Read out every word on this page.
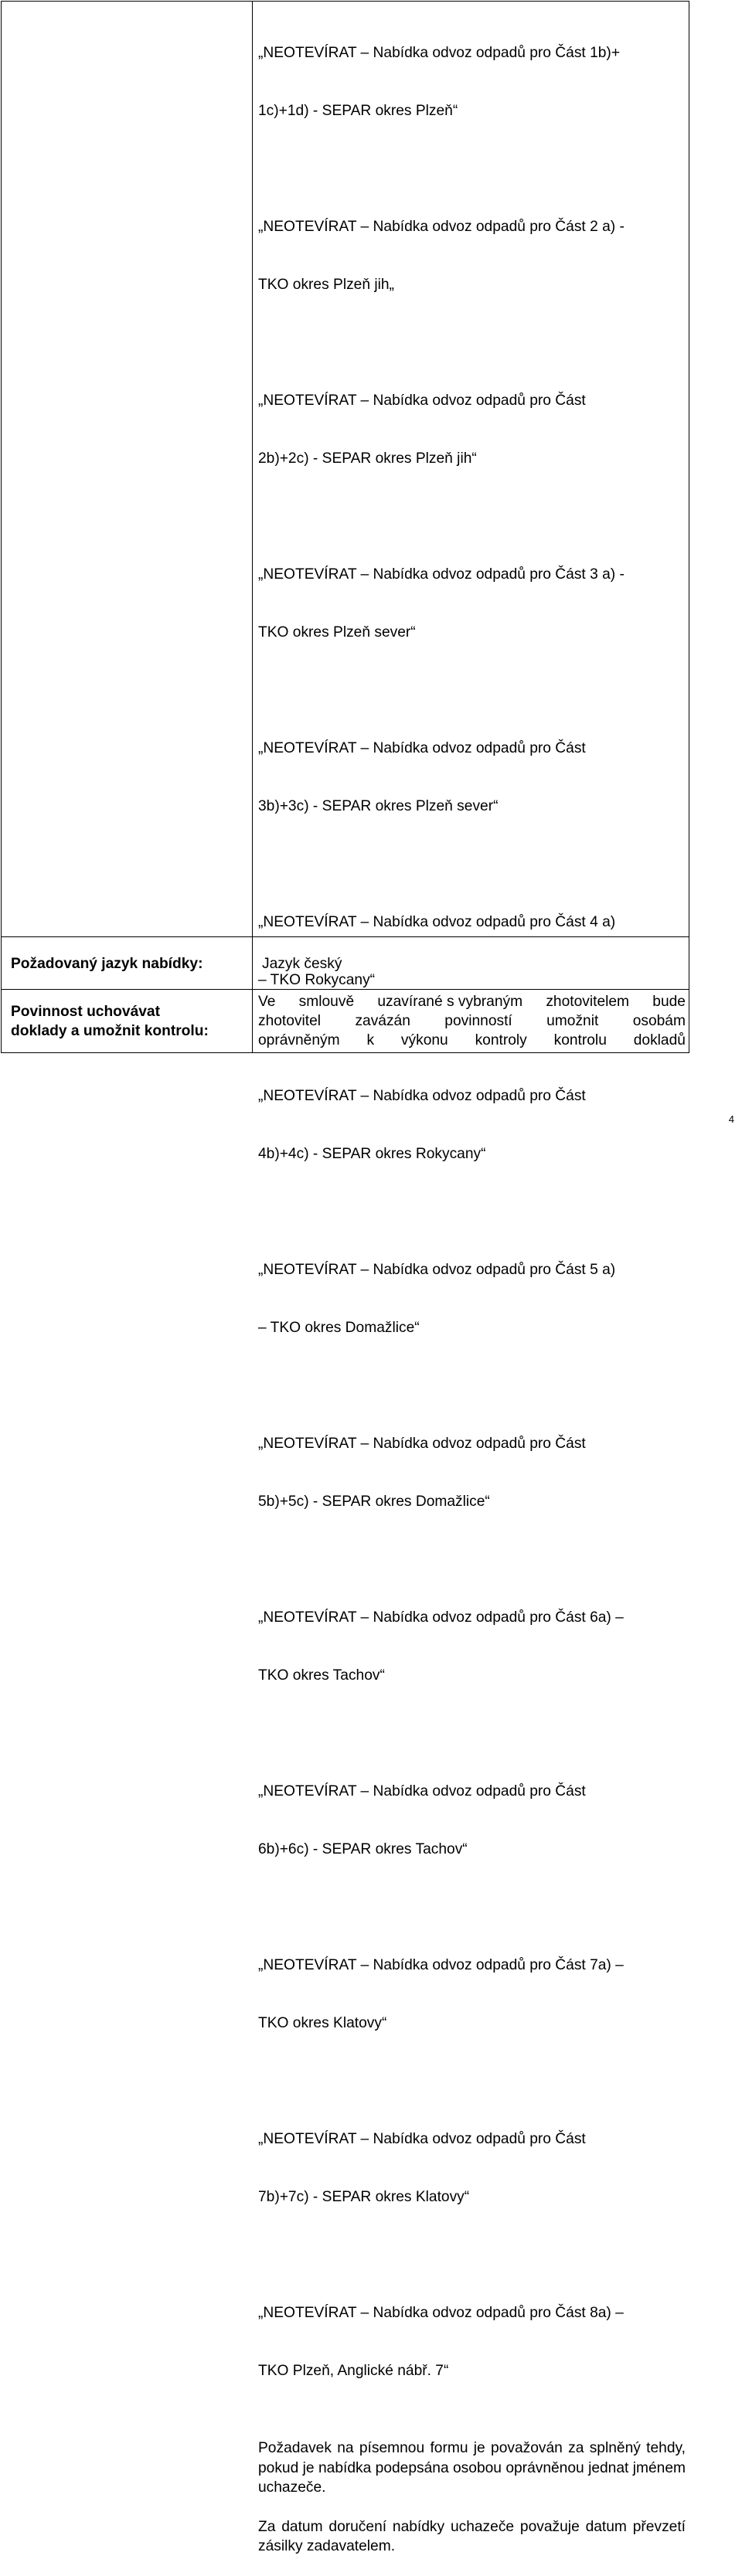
„NEOTEVÍRAT – Nabídka odvoz odpadů pro Část 1b)+

1c)+1d) - SEPAR okres Plzeň“

„NEOTEVÍRAT – Nabídka odvoz odpadů pro Část 2 a) -

TKO okres Plzeň jih„

„NEOTEVÍRAT – Nabídka odvoz odpadů pro Část

2b)+2c) - SEPAR okres Plzeň jih“

„NEOTEVÍRAT – Nabídka odvoz odpadů pro Část 3 a) -

TKO okres Plzeň sever“

„NEOTEVÍRAT – Nabídka odvoz odpadů pro Část

3b)+3c) - SEPAR okres Plzeň sever“

„NEOTEVÍRAT – Nabídka odvoz odpadů pro Část 4 a)

– TKO Rokycany“

„NEOTEVÍRAT – Nabídka odvoz odpadů pro Část

4b)+4c) - SEPAR okres Rokycany“

„NEOTEVÍRAT – Nabídka odvoz odpadů pro Část 5 a)

– TKO okres Domažlice“

„NEOTEVÍRAT – Nabídka odvoz odpadů pro Část

5b)+5c) - SEPAR okres Domažlice“

„NEOTEVÍRAT – Nabídka odvoz odpadů pro Část 6a) –

TKO okres Tachov“

„NEOTEVÍRAT – Nabídka odvoz odpadů pro Část

6b)+6c) - SEPAR okres Tachov“

„NEOTEVÍRAT – Nabídka odvoz odpadů pro Část 7a) –

TKO okres Klatovy“

„NEOTEVÍRAT – Nabídka odvoz odpadů pro Část

7b)+7c) - SEPAR okres Klatovy“

„NEOTEVÍRAT – Nabídka odvoz odpadů pro Část 8a) –

TKO Plzeň, Anglické nábř. 7“

Požadavek na písemnou formu je považován za splněný tehdy, pokud je nabídka podepsána osobou oprávněnou jednat jménem uchazeče.
Za datum doručení nabídky uchazeče považuje datum převzetí zásilky zadavatelem.
Požadovaný jazyk nabídky:	Jazyk český
Povinnost uchovávat
doklady a umožnit kontrolu:
Ve smlouvě uzavírané s vybraným zhotovitelem bude
zhotovitel zavázán povinností umožnit osobám
oprávněným k výkonu kontroly kontrolu dokladů
4
